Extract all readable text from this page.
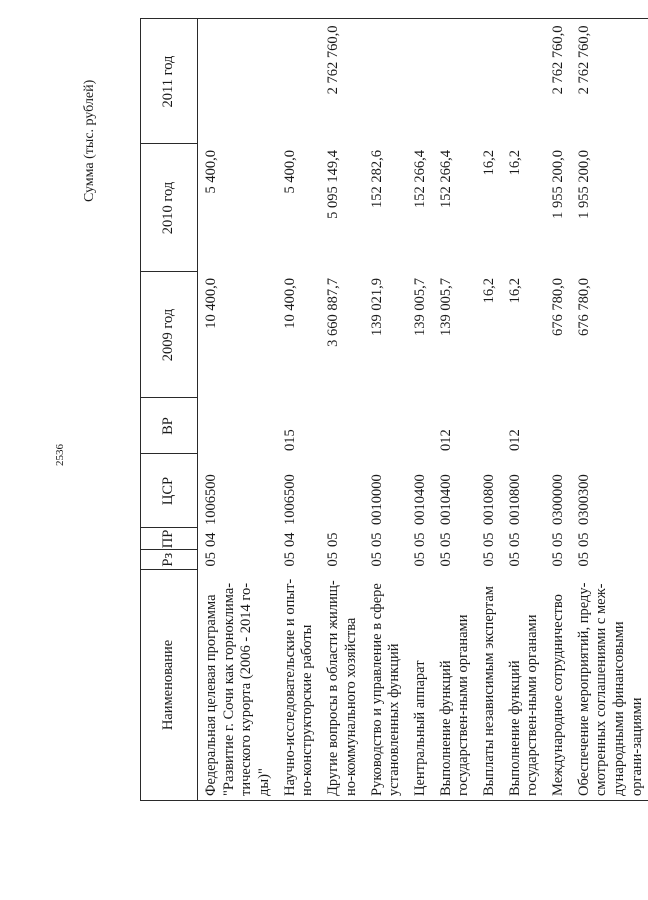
2536
Сумма (тыс. рублей)
Наименование	Рз	ПР	ЦСР	ВР	2009 год	2010 год	2011 год
Федеральная целевая программа "Развитие г. Сочи как горноклима-тического курорта (2006 - 2014 го-ды)"	05	04	1006500		10 400,0	5 400,0	
Научно-исследовательские и опыт-но-конструкторские работы	05	04	1006500	015	10 400,0	5 400,0	
Другие вопросы в области жилищ-но-коммунального хозяйства	05	05			3 660 887,7	5 095 149,4	2 762 760,0
Руководство и управление в сфере установленных функций	05	05	0010000		139 021,9	152 282,6	
Центральный аппарат	05	05	0010400		139 005,7	152 266,4	
Выполнение функций государствен-ными органами	05	05	0010400	012	139 005,7	152 266,4	
Выплаты независимым экспертам	05	05	0010800		16,2	16,2	
Выполнение функций государствен-ными органами	05	05	0010800	012	16,2	16,2	
Международное сотрудничество	05	05	0300000		676 780,0	1 955 200,0	2 762 760,0
Обеспечение мероприятий, преду-смотренных соглашениями с меж-дународными финансовыми органи-зациями	05	05	0300300		676 780,0	1 955 200,0	2 762 760,0
